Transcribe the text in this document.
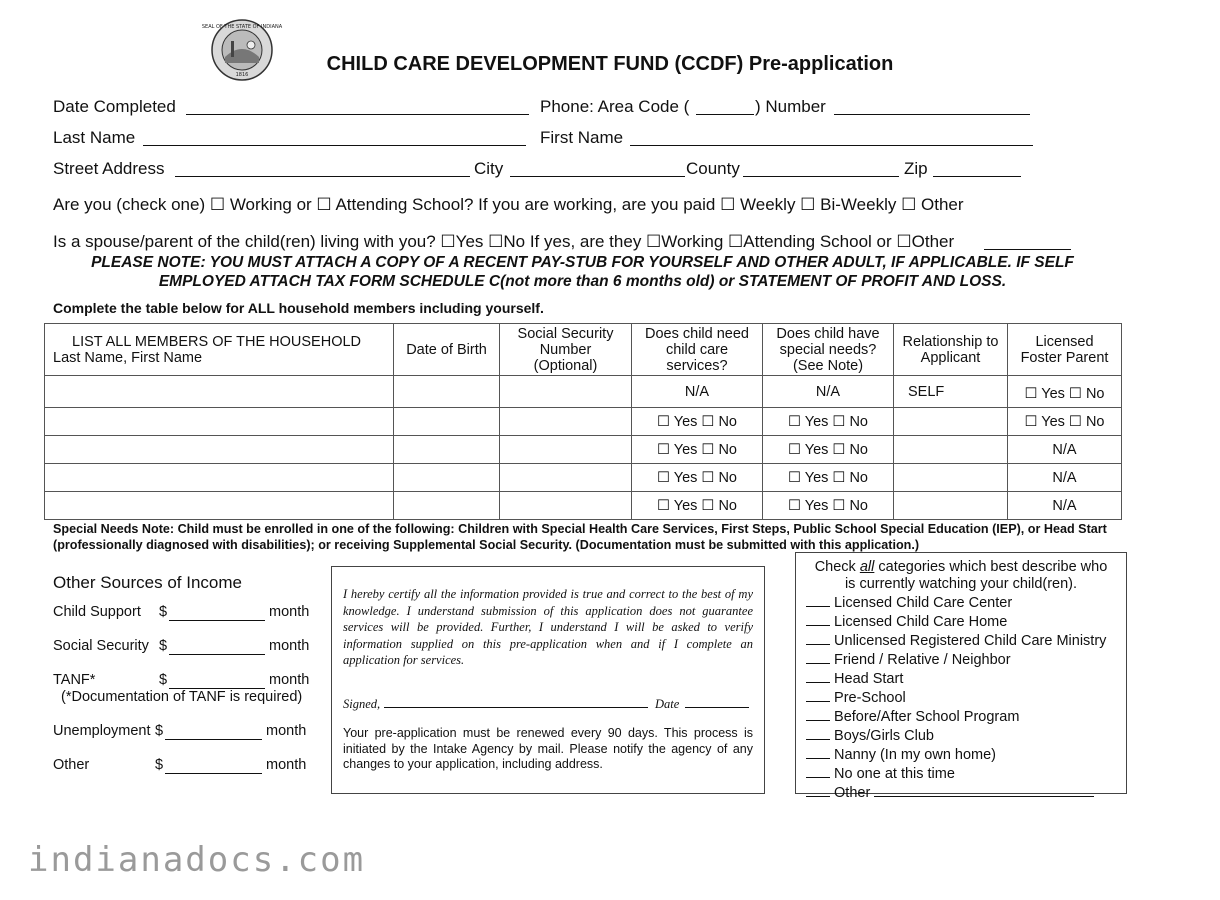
SEAL OF THE STATE OF INDIANA
1816	CHILD CARE DEVELOPMENT FUND (CCDF) Pre-application
Date Completed	Phone: Area Code (	) Number
Last Name	First Name
Street Address	City	County	Zip
Are you (check one) ☐ Working or ☐ Attending School? If you are working, are you paid ☐ Weekly ☐ Bi-Weekly ☐ Other
Is a spouse/parent of the child(ren) living with you? ☐Yes ☐No If yes, are they ☐Working ☐Attending School or ☐Other
PLEASE NOTE: YOU MUST ATTACH A COPY OF A RECENT PAY-STUB FOR YOURSELF AND OTHER ADULT, IF APPLICABLE. IF SELF
EMPLOYED ATTACH TAX FORM SCHEDULE C(not more than 6 months old) or STATEMENT OF PROFIT AND LOSS.
Complete the table below for ALL household members including yourself.
LIST ALL MEMBERS OF THE HOUSEHOLD
Last Name, First Name	Date of Birth	Social Security Number (Optional)	Does child need child care services?	Does child have special needs? (See Note)	Relationship to Applicant	Licensed Foster Parent
			N/A	N/A	SELF	☐ Yes ☐ No
			☐ Yes ☐ No	☐ Yes ☐ No		☐ Yes ☐ No
			☐ Yes ☐ No	☐ Yes ☐ No		N/A
			☐ Yes ☐ No	☐ Yes ☐ No		N/A
			☐ Yes ☐ No	☐ Yes ☐ No		N/A
Special Needs Note: Child must be enrolled in one of the following: Children with Special Health Care Services, First Steps, Public School Special Education (IEP), or Head Start (professionally diagnosed with disabilities); or receiving Supplemental Social Security. (Documentation must be submitted with this application.)
Other Sources of Income
Child Support $	month
Social Security $	month
TANF*	$	month
(*Documentation of TANF is required)
Unemployment $	month
Other	$	month
I hereby certify all the information provided is true and correct to the best of my knowledge. I understand submission of this application does not guarantee services will be provided. Further, I understand I will be asked to verify information supplied on this pre-application when and if I complete an application for services.
Signed,	Date
Your pre-application must be renewed every 90 days. This process is initiated by the Intake Agency by mail. Please notify the agency of any changes to your application, including address.
Check all categories which best describe who
is currently watching your child(ren).
Licensed Child Care Center
Licensed Child Care Home
Unlicensed Registered Child Care Ministry
Friend / Relative / Neighbor
Head Start
Pre-School
Before/After School Program
Boys/Girls Club
Nanny (In my own home)
No one at this time
Other
indianadocs.com
